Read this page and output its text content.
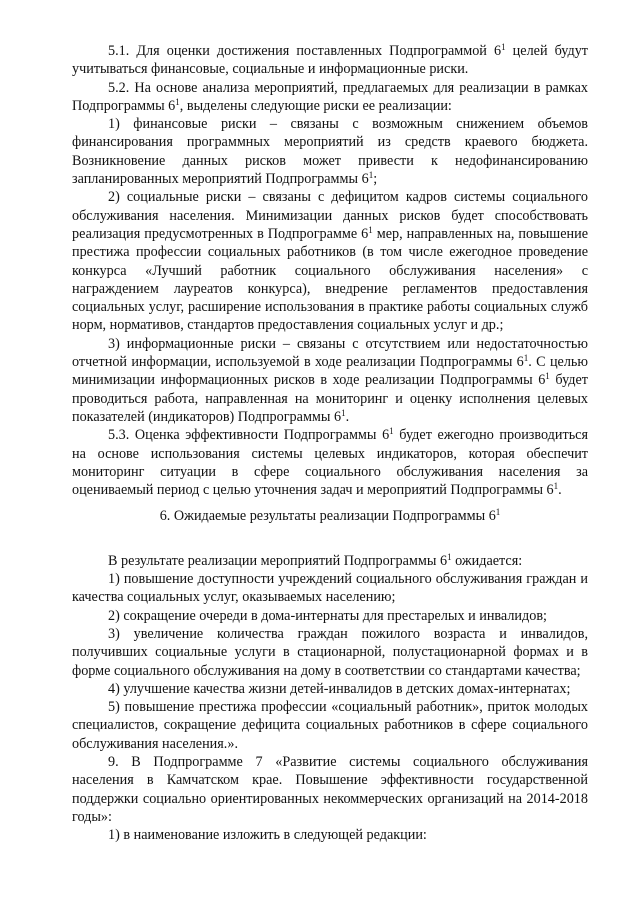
5.1. Для оценки достижения поставленных Подпрограммой $6^1$ целей будут учитываться финансовые, социальные и информационные риски.

5.2. На основе анализа мероприятий, предлагаемых для реализации в рамках Подпрограммы $6^1$, выделены следующие риски ее реализации:

1) финансовые риски – связаны с возможным снижением объемов финансирования программных мероприятий из средств краевого бюджета. Возникновение данных рисков может привести к недофинансированию запланированных мероприятий Подпрограммы $6^1$;

2) социальные риски – связаны с дефицитом кадров системы социального обслуживания населения. Минимизации данных рисков будет способствовать реализация предусмотренных в Подпрограмме $6^1$ мер, направленных на, повышение престижа профессии социальных работников (в том числе ежегодное проведение конкурса «Лучший работник социального обслуживания населения» с награждением лауреатов конкурса), внедрение регламентов предоставления социальных услуг, расширение использования в практике работы социальных служб норм, нормативов, стандартов предоставления социальных услуг и др.;

3) информационные риски – связаны с отсутствием или недостаточностью отчетной информации, используемой в ходе реализации Подпрограммы $6^1$. С целью минимизации информационных рисков в ходе реализации Подпрограммы $6^1$ будет проводиться работа, направленная на мониторинг и оценку исполнения целевых показателей (индикаторов) Подпрограммы $6^1$.

5.3. Оценка эффективности Подпрограммы $6^1$ будет ежегодно производиться на основе использования системы целевых индикаторов, которая обеспечит мониторинг ситуации в сфере социального обслуживания населения за оцениваемый период с целью уточнения задач и мероприятий Подпрограммы $6^1$.

6. Ожидаемые результаты реализации Подпрограммы $6^1$

В результате реализации мероприятий Подпрограммы $6^1$ ожидается:

1) повышение доступности учреждений социального обслуживания граждан и качества социальных услуг, оказываемых населению;

2) сокращение очереди в дома-интернаты для престарелых и инвалидов;

3) увеличение количества граждан пожилого возраста и инвалидов, получивших социальные услуги в стационарной, полустационарной формах и в форме социального обслуживания на дому в соответствии со стандартами качества;

4) улучшение качества жизни детей-инвалидов в детских домах-интернатах;

5) повышение престижа профессии «социальный работник», приток молодых специалистов, сокращение дефицита социальных работников в сфере социального обслуживания населения.».

9. В Подпрограмме 7 «Развитие системы социального обслуживания населения в Камчатском крае. Повышение эффективности государственной поддержки социально ориентированных некоммерческих организаций на 2014-2018 годы»:

1) в наименование изложить в следующей редакции:
